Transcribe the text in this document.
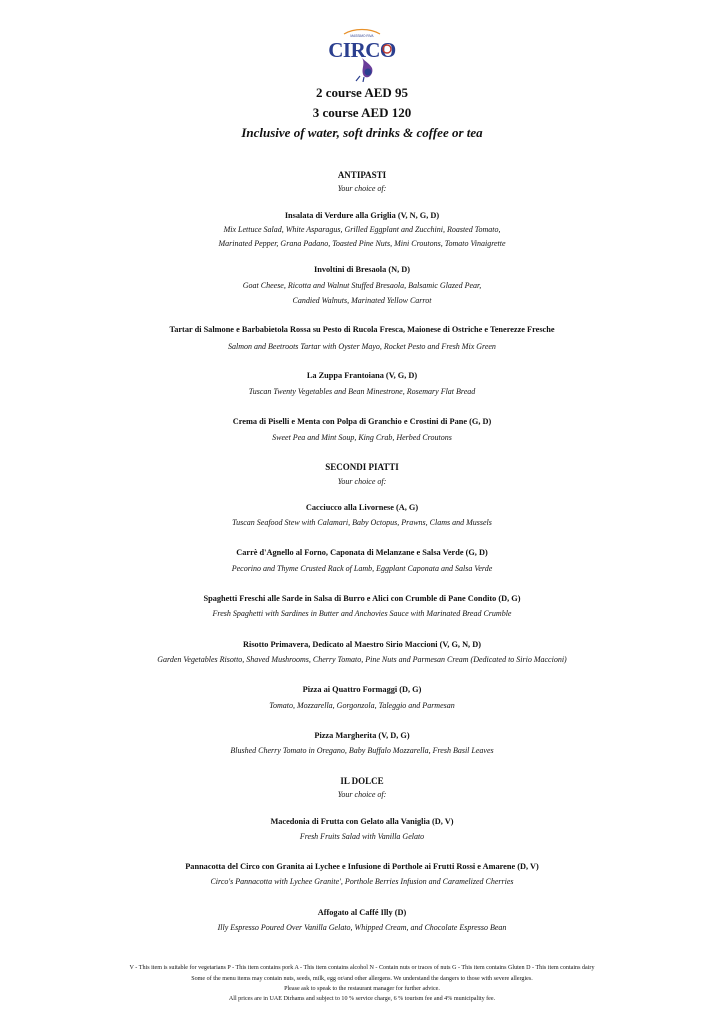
MASSIMO RIVA
CIRCO
2 course AED 95
3 course AED 120
Inclusive of water, soft drinks & coffee or tea
ANTIPASTI
Your choice of:
Insalata di Verdure alla Griglia (V, N, G, D)
Mix Lettuce Salad, White Asparagus, Grilled Eggplant and Zucchini, Roasted Tomato,
Marinated Pepper, Grana Padano, Toasted Pine Nuts, Mini Croutons, Tomato Vinaigrette
Involtini di Bresaola (N, D)
Goat Cheese, Ricotta and Walnut Stuffed Bresaola, Balsamic Glazed Pear,
Candied Walnuts, Marinated Yellow Carrot
Tartar di Salmone e Barbabietola Rossa su Pesto di Rucola Fresca, Maionese di Ostriche e Tenerezze Fresche
Salmon and Beetroots Tartar with Oyster Mayo, Rocket Pesto and Fresh Mix Green
La Zuppa Frantoiana (V, G, D)
Tuscan Twenty Vegetables and Bean Minestrone, Rosemary Flat Bread
Crema di Piselli e Menta con Polpa di Granchio e Crostini di Pane (G, D)
Sweet Pea and Mint Soup, King Crab, Herbed Croutons
SECONDI PIATTI
Your choice of:
Cacciucco alla Livornese (A, G)
Tuscan Seafood Stew with Calamari, Baby Octopus, Prawns, Clams and Mussels
Carrè d'Agnello al Forno, Caponata di Melanzane e Salsa Verde (G, D)
Pecorino and Thyme Crusted Rack of Lamb, Eggplant Caponata and Salsa Verde
Spaghetti Freschi alle Sarde in Salsa di Burro e Alici con Crumble di Pane Condito (D, G)
Fresh Spaghetti with Sardines in Butter and Anchovies Sauce with Marinated Bread Crumble
Risotto Primavera, Dedicato al Maestro Sirio Maccioni (V, G, N, D)
Garden Vegetables Risotto, Shaved Mushrooms, Cherry Tomato, Pine Nuts and Parmesan Cream (Dedicated to Sirio Maccioni)
Pizza ai Quattro Formaggi (D, G)
Tomato, Mozzarella, Gorgonzola, Taleggio and Parmesan
Pizza Margherita (V, D, G)
Blushed Cherry Tomato in Oregano, Baby Buffalo Mozzarella, Fresh Basil Leaves
IL DOLCE
Your choice of:
Macedonia di Frutta con Gelato alla Vaniglia (D, V)
Fresh Fruits Salad with Vanilla Gelato
Pannacotta del Circo con Granita ai Lychee e Infusione di Porthole ai Frutti Rossi e Amarene (D, V)
Circo's Pannacotta with Lychee Granite', Porthole Berries Infusion and Caramelized Cherries
Affogato al Caffé Illy (D)
Illy Espresso Poured Over Vanilla Gelato, Whipped Cream, and Chocolate Espresso Bean
V - This item is suitable for vegetarians P - This item contains pork A - This item contains alcohol N - Contain nuts or traces of nuts G - This item contains Gluten D - This item contains dairy
Some of the menu items may contain nuts, seeds, milk, egg or/and other allergens. We understand the dangers to those with severe allergies.
Please ask to speak to the restaurant manager for further advice.
All prices are in UAE Dirhams and subject to 10 % service charge, 6 % tourism fee and 4% municipality fee.
